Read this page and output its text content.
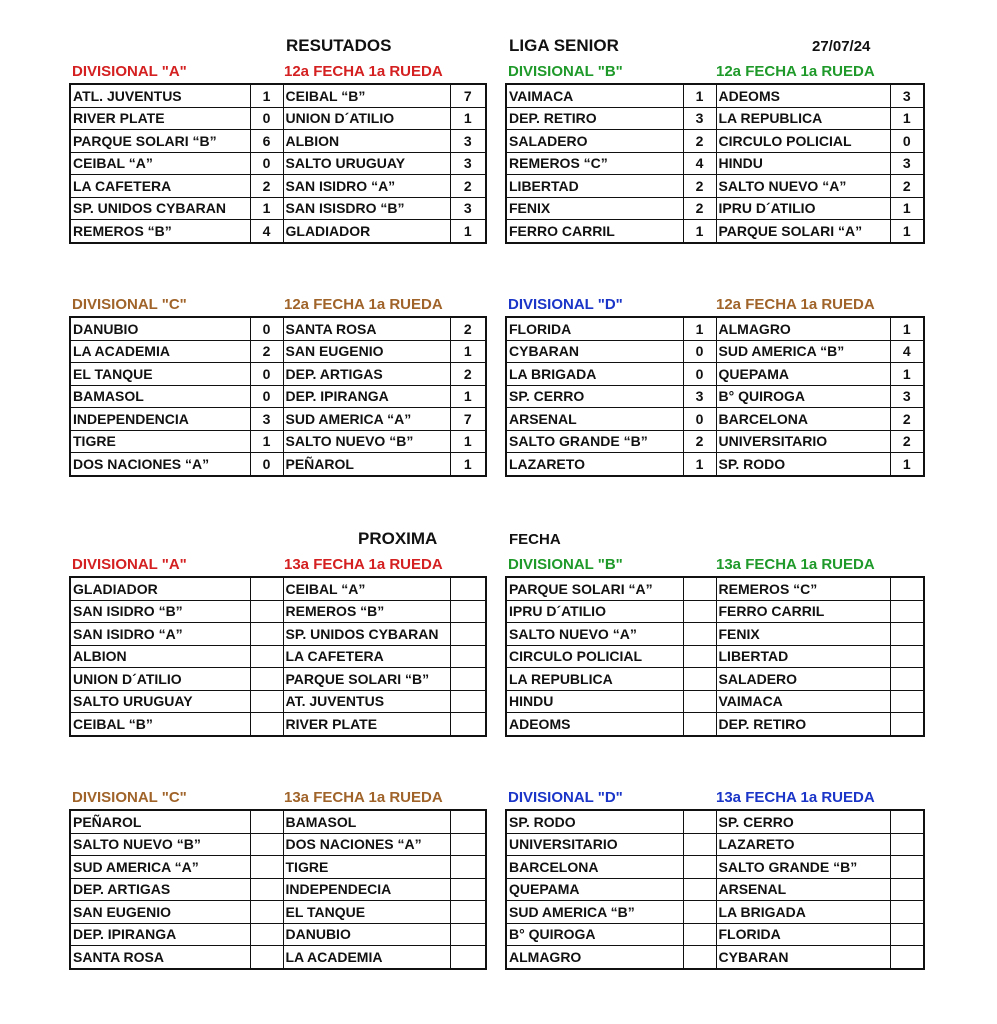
RESUTADOS	LIGA SENIOR	27/07/24
PROXIMA	FECHA
DIVISIONAL "A"	12a FECHA 1a RUEDA
ATL. JUVENTUS	1	CEIBAL “B”	7
RIVER PLATE	0	UNION D´ATILIO	1
PARQUE SOLARI “B”	6	ALBION	3
CEIBAL “A”	0	SALTO URUGUAY	3
LA CAFETERA	2	SAN ISIDRO “A”	2
SP. UNIDOS CYBARAN	1	SAN ISISDRO “B”	3
REMEROS “B”	4	GLADIADOR	1
DIVISIONAL "B"	12a FECHA 1a RUEDA
VAIMACA	1	ADEOMS	3
DEP. RETIRO	3	LA REPUBLICA	1
SALADERO	2	CIRCULO POLICIAL	0
REMEROS “C”	4	HINDU	3
LIBERTAD	2	SALTO NUEVO “A”	2
FENIX	2	IPRU D´ATILIO	1
FERRO CARRIL	1	PARQUE SOLARI “A”	1
DIVISIONAL "C"	12a FECHA 1a RUEDA
DANUBIO	0	SANTA ROSA	2
LA ACADEMIA	2	SAN EUGENIO	1
EL TANQUE	0	DEP. ARTIGAS	2
BAMASOL	0	DEP. IPIRANGA	1
INDEPENDENCIA	3	SUD AMERICA “A”	7
TIGRE	1	SALTO NUEVO “B”	1
DOS NACIONES “A”	0	PEÑAROL	1
DIVISIONAL "D"	12a FECHA 1a RUEDA
FLORIDA	1	ALMAGRO	1
CYBARAN	0	SUD AMERICA “B”	4
LA BRIGADA	0	QUEPAMA	1
SP. CERRO	3	B° QUIROGA	3
ARSENAL	0	BARCELONA	2
SALTO GRANDE “B”	2	UNIVERSITARIO	2
LAZARETO	1	SP. RODO	1
DIVISIONAL "A"	13a FECHA 1a RUEDA
GLADIADOR		CEIBAL “A”	
SAN ISIDRO “B”		REMEROS “B”	
SAN ISIDRO “A”		SP. UNIDOS CYBARAN	
ALBION		LA CAFETERA	
UNION D´ATILIO		PARQUE SOLARI “B”	
SALTO URUGUAY		AT. JUVENTUS	
CEIBAL “B”		RIVER PLATE	
DIVISIONAL "B"	13a FECHA 1a RUEDA
PARQUE SOLARI “A”		REMEROS “C”	
IPRU D´ATILIO		FERRO CARRIL	
SALTO NUEVO “A”		FENIX	
CIRCULO POLICIAL		LIBERTAD	
LA REPUBLICA		SALADERO	
HINDU		VAIMACA	
ADEOMS		DEP. RETIRO	
DIVISIONAL "C"	13a FECHA 1a RUEDA
PEÑAROL		BAMASOL	
SALTO NUEVO “B”		DOS NACIONES “A”	
SUD AMERICA “A”		TIGRE	
DEP. ARTIGAS		INDEPENDECIA	
SAN EUGENIO		EL TANQUE	
DEP. IPIRANGA		DANUBIO	
SANTA ROSA		LA ACADEMIA	
DIVISIONAL "D"	13a FECHA 1a RUEDA
SP. RODO		SP. CERRO	
UNIVERSITARIO		LAZARETO	
BARCELONA		SALTO GRANDE “B”	
QUEPAMA		ARSENAL	
SUD AMERICA “B”		LA BRIGADA	
B° QUIROGA		FLORIDA	
ALMAGRO		CYBARAN	
